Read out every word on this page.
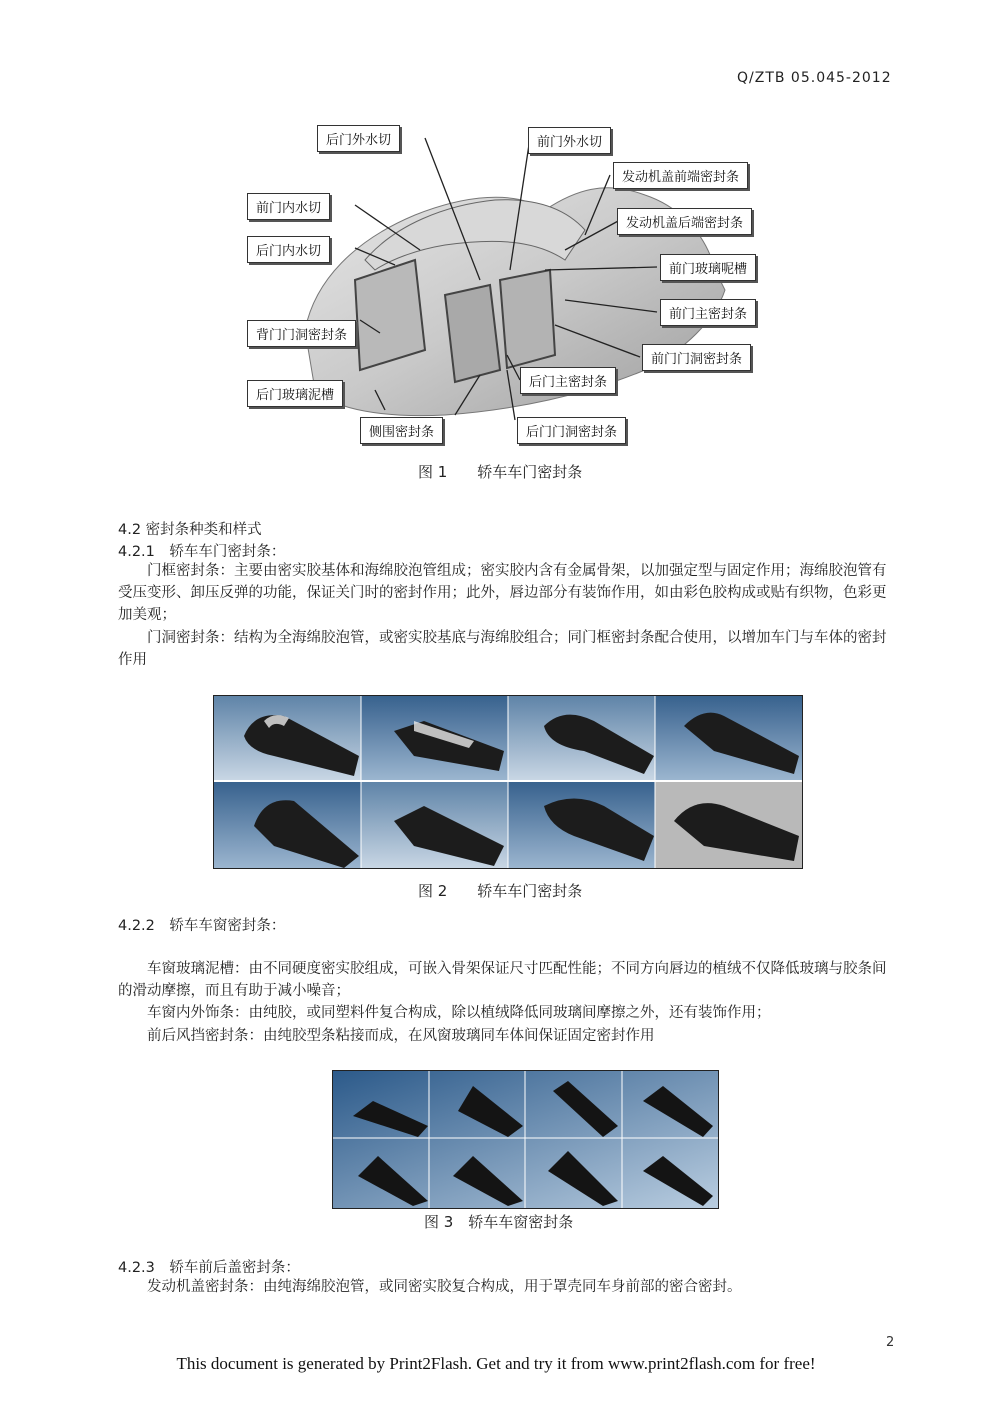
Q/ZTB 05.045-2012
后门外水切	前门外水切
发动机盖前端密封条
前门内水切
发动机盖后端密封条
后门内水切
前门玻璃呢槽
前门主密封条
背门门洞密封条
前门门洞密封条
后门主密封条
后门玻璃泥槽
侧围密封条	后门门洞密封条
图 1　　轿车车门密封条
4.2 密封条种类和样式
4.2.1　轿车车门密封条：
　　门框密封条：主要由密实胶基体和海绵胶泡管组成；密实胶内含有金属骨架，以加强定型与固定作用；海绵胶泡管有受压变形、卸压反弹的功能，保证关门时的密封作用；此外，唇边部分有装饰作用，如由彩色胶构成或贴有织物，色彩更加美观；
　　门洞密封条：结构为全海绵胶泡管，或密实胶基底与海绵胶组合；同门框密封条配合使用，以增加车门与车体的密封作用
图 2　　轿车车门密封条
4.2.2　轿车车窗密封条：
　　车窗玻璃泥槽：由不同硬度密实胶组成，可嵌入骨架保证尺寸匹配性能；不同方向唇边的植绒不仅降低玻璃与胶条间的滑动摩擦，而且有助于减小噪音；
　　车窗内外饰条：由纯胶，或同塑料件复合构成，除以植绒降低同玻璃间摩擦之外，还有装饰作用；
　　前后风挡密封条：由纯胶型条粘接而成，在风窗玻璃同车体间保证固定密封作用
图 3　轿车车窗密封条
4.2.3　轿车前后盖密封条：
　　发动机盖密封条：由纯海绵胶泡管，或同密实胶复合构成，用于罩壳同车身前部的密合密封。
2
This document is generated by Print2Flash. Get and try it from www.print2flash.com for free!
